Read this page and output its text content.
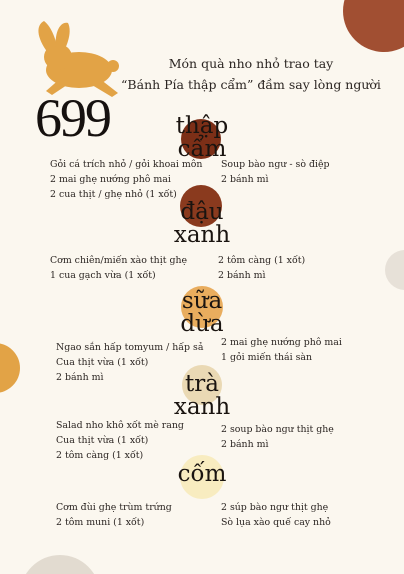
Món quà nho nhỏ trao tay
“Bánh Pía thập cẩm” đầm say lòng người
699	thập
cẩm
Gỏi cá trích nhỏ / gỏi khoai môn
2 mai ghẹ nướng phô mai
2 cua thịt / ghẹ nhỏ (1 xốt)
Soup bào ngư - sò điệp
2 bánh mì
đậu
xanh
Cơm chiên/miến xào thịt ghẹ
1 cua gạch vừa (1 xốt)
2 tôm càng (1 xốt)
2 bánh mì
sữa
dừa
Ngao sắn hấp tomyum / hấp sả
Cua thịt vừa (1 xốt)
2 bánh mì
2 mai ghẹ nướng phô mai
1 gỏi miến thái sàn
trà
xanh
Salad nho khô xốt mè rang
Cua thịt vừa (1 xốt)
2 tôm càng (1 xốt)
2 soup bào ngư thịt ghẹ
2 bánh mì
cốm
Cơm đùi ghẹ trùm trứng
2 tôm muni (1 xốt)
2 súp bào ngư thịt ghẹ
Sò lụa xào quế cay nhỏ
